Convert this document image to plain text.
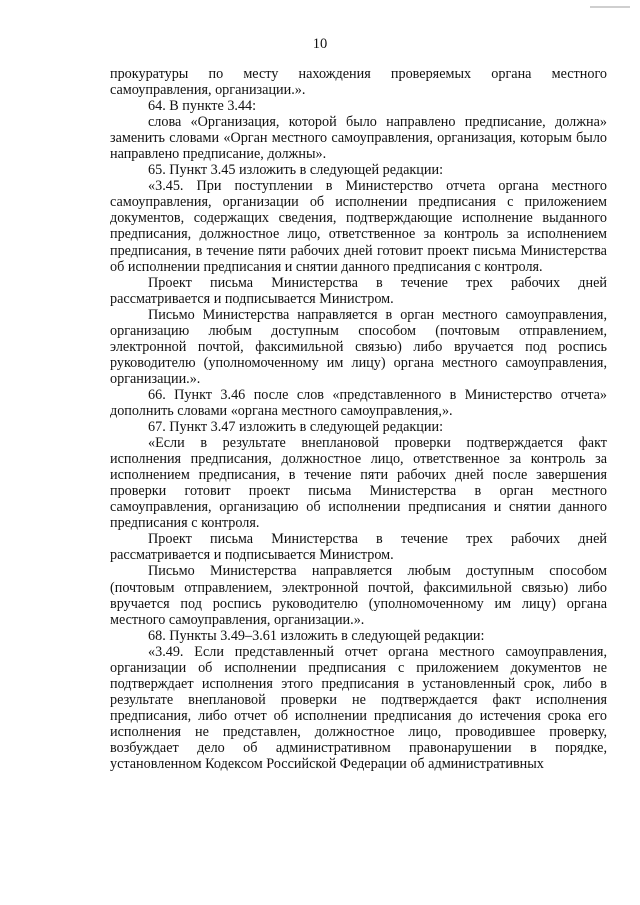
10

прокуратуры по месту нахождения проверяемых органа местного самоуправления, организации.».

64. В пункте 3.44:

слова «Организация, которой было направлено предписание, должна» заменить словами «Орган местного самоуправления, организация, которым было направлено предписание, должны».

65. Пункт 3.45 изложить в следующей редакции:

«3.45. При поступлении в Министерство отчета органа местного самоуправления, организации об исполнении предписания с приложением документов, содержащих сведения, подтверждающие исполнение выданного предписания, должностное лицо, ответственное за контроль за исполнением предписания, в течение пяти рабочих дней готовит проект письма Министерства об исполнении предписания и снятии данного предписания с контроля.

Проект письма Министерства в течение трех рабочих дней рассматривается и подписывается Министром.

Письмо Министерства направляется в орган местного самоуправления, организацию любым доступным способом (почтовым отправлением, электронной почтой, факсимильной связью) либо вручается под роспись руководителю (уполномоченному им лицу) органа местного самоуправления, организации.».

66. Пункт 3.46 после слов «представленного в Министерство отчета» дополнить словами «органа местного самоуправления,».

67. Пункт 3.47 изложить в следующей редакции:

«Если в результате внеплановой проверки подтверждается факт исполнения предписания, должностное лицо, ответственное за контроль за исполнением предписания, в течение пяти рабочих дней после завершения проверки готовит проект письма Министерства в орган местного самоуправления, организацию об исполнении предписания и снятии данного предписания с контроля.

Проект письма Министерства в течение трех рабочих дней рассматривается и подписывается Министром.

Письмо Министерства направляется любым доступным способом (почтовым отправлением, электронной почтой, факсимильной связью) либо вручается под роспись руководителю (уполномоченному им лицу) органа местного самоуправления, организации.».

68. Пункты 3.49–3.61 изложить в следующей редакции:

«3.49. Если представленный отчет органа местного самоуправления, организации об исполнении предписания с приложением документов не подтверждает исполнения этого предписания в установленный срок, либо в результате внеплановой проверки не подтверждается факт исполнения предписания, либо отчет об исполнении предписания до истечения срока его исполнения не представлен, должностное лицо, проводившее проверку, возбуждает дело об административном правонарушении в порядке, установленном Кодексом Российской Федерации об административных
